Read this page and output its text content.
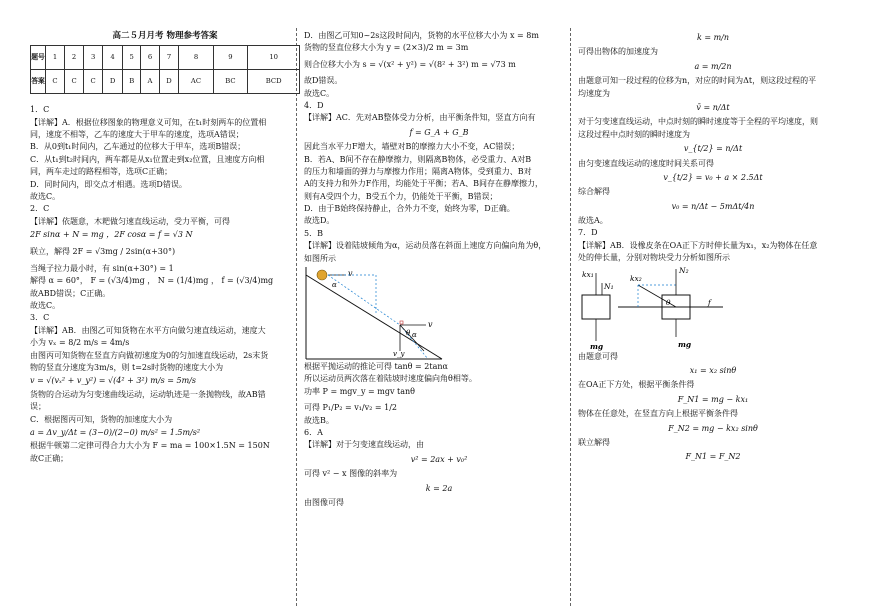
高二５月月考 物理参考答案

题号	1	2	3	4	5	6	7	8	9	10
答案	C	C	C	D	B	A	D	AC	BC	BCD

1．C

【详解】A．根据位移图象的物理意义可知，在t₁时刻两车的位置相

同，速度不相等，乙车的速度大于甲车的速度，选项A错误；

B．从0到t₁时间内，乙车通过的位移大于甲车，选项B错误；

C．从t₁到t₂时间内，两车都是从x₁位置走到x₂位置，且速度方向相

同，两车走过的路程相等，选项C正确；

D．同时间内，即交点才相遇。选项D错误。

故选C。

2．C

【详解】依题意，木耙做匀速直线运动，受力平衡，可得

2F sinα + N = mg ，2F cosα = f = √3 N

联立，解得 2F = √3mg / 2sin(α+30°)

当绳子拉力最小时，有 sin(α+30°) = 1

解得 α = 60°， F = (√3/4)mg ， N = (1/4)mg ， f = (√3/4)mg

故ABD错误；C正确。

故选C。

3．C

【详解】AB．由图乙可知货物在水平方向做匀速直线运动，速度大

小为 vₓ = 8/2 m/s = 4m/s

由图丙可知货物在竖直方向做初速度为0的匀加速直线运动，2s末货

物的竖直分速度为3m/s，则 t=2s时货物的速度大小为

v = √(vₓ² + v_y²) = √(4² + 3²) m/s = 5m/s

货物的合运动为匀变速曲线运动，运动轨迹是一条抛物线，故AB错

误；

C．根据图丙可知，货物的加速度大小为

a = Δv_y/Δt = (3−0)/(2−0) m/s² = 1.5m/s²

根据牛顿第二定律可得合力大小为 F = ma = 100×1.5N = 150N

故C正确；

D．由图乙可知0~2s这段时间内，货物的水平位移大小为 x = 8m

货物的竖直位移大小为 y = (2×3)/2 m = 3m

则合位移大小为 s = √(x² + y²) = √(8² + 3²) m = √73 m

故D错误。

故选C。

4．D

【详解】AC．先对AB整体受力分析，由平衡条件知，竖直方向有

f = G_A + G_B

因此当水平力F增大，墙壁对B的摩擦力大小不变，AC错误；

B．若A、B间不存在静摩擦力，则隔离B物体，必受重力、A对B

的压力和墙面的弹力与摩擦力作用；隔离A物体，受到重力、B对

A的支持力和外力F作用，均能处于平衡；若A、B间存在静摩擦力，

则有A受四个力，B受五个力，仍能处于平衡，B错误；

D．由于B始终保持静止，合外力不变，始终为零，D正确。

故选D。

5．B

【详解】设着陆坡倾角为α，运动员落在斜面上速度方向偏向角为θ，

如图所示

v
α
v
v_y
θ α

根据平抛运动的推论可得 tanθ = 2tanα

所以运动员两次落在着陆坡时速度偏向角θ相等。

功率 P = mgv_y = mgv tanθ

可得 P₁/P₂ = v₁/v₂ = 1/2

故选B。

6．A

【详解】对于匀变速直线运动，由

v² = 2ax + v₀²

可得 v² − x 图像的斜率为

k = 2a

由图像可得

k = m/n

可得出物体的加速度为

a = m/2n

由题意可知一段过程的位移为n，对应的时间为Δt，则这段过程的平

均速度为

v̄ = n/Δt

对于匀变速直线运动，中点时刻的瞬时速度等于全程的平均速度，则

这段过程中点时刻的瞬时速度为

v_{t/2} = n/Δt

由匀变速直线运动的速度时间关系可得

v_{t/2} = v₀ + a × 2.5Δt

综合解得

v₀ = n/Δt − 5mΔt/4n

故选A。

7．D

【详解】AB．设橡皮条在OA正下方时伸长量为x₁，x₂为物体在任意

处的伸长量，分别对物块受力分析如图所示

kx₁
N₁
mg
kx₂
N₂
θ	f
mg

由题意可得

x₁ = x₂ sinθ

在OA正下方处，根据平衡条件得

F_N1 = mg − kx₁

物体在任意处，在竖直方向上根据平衡条件得

F_N2 = mg − kx₂ sinθ

联立解得

F_N1 = F_N2
